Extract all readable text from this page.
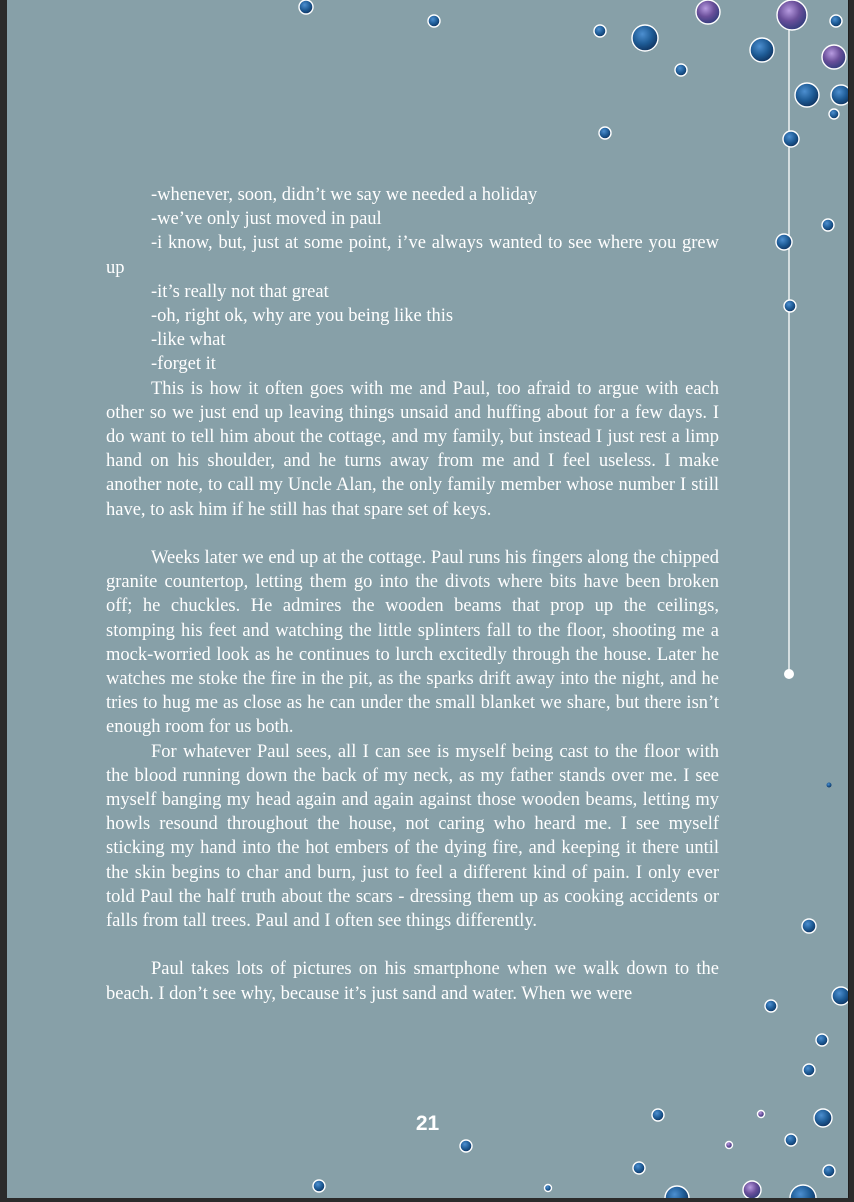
-whenever, soon, didn’t we say we needed a holiday

-we’ve only just moved in paul

-i know, but, just at some point, i’ve always wanted to see where you grew up

-it’s really not that great

-oh, right ok, why are you being like this

-like what

-forget it

This is how it often goes with me and Paul, too afraid to argue with each other so we just end up leaving things unsaid and huffing about for a few days. I do want to tell him about the cottage, and my family, but instead I just rest a limp hand on his shoulder, and he turns away from me and I feel useless. I make another note, to call my Uncle Alan, the only family member whose number I still have, to ask him if he still has that spare set of keys.

Weeks later we end up at the cottage. Paul runs his fingers along the chipped granite countertop, letting them go into the divots where bits have been broken off; he chuckles. He admires the wooden beams that prop up the ceilings, stomping his feet and watching the little splinters fall to the floor, shooting me a mock-worried look as he continues to lurch excitedly through the house. Later he watches me stoke the fire in the pit, as the sparks drift away into the night, and he tries to hug me as close as he can under the small blanket we share, but there isn’t enough room for us both.

For whatever Paul sees, all I can see is myself being cast to the floor with the blood running down the back of my neck, as my father stands over me. I see myself banging my head again and again against those wooden beams, letting my howls resound throughout the house, not caring who heard me. I see myself sticking my hand into the hot embers of the dying fire, and keeping it there until the skin begins to char and burn, just to feel a different kind of pain. I only ever told Paul the half truth about the scars - dressing them up as cooking accidents or falls from tall trees. Paul and I often see things differently.

Paul takes lots of pictures on his smartphone when we walk down to the beach. I don’t see why, because it’s just sand and water. When we were

21
